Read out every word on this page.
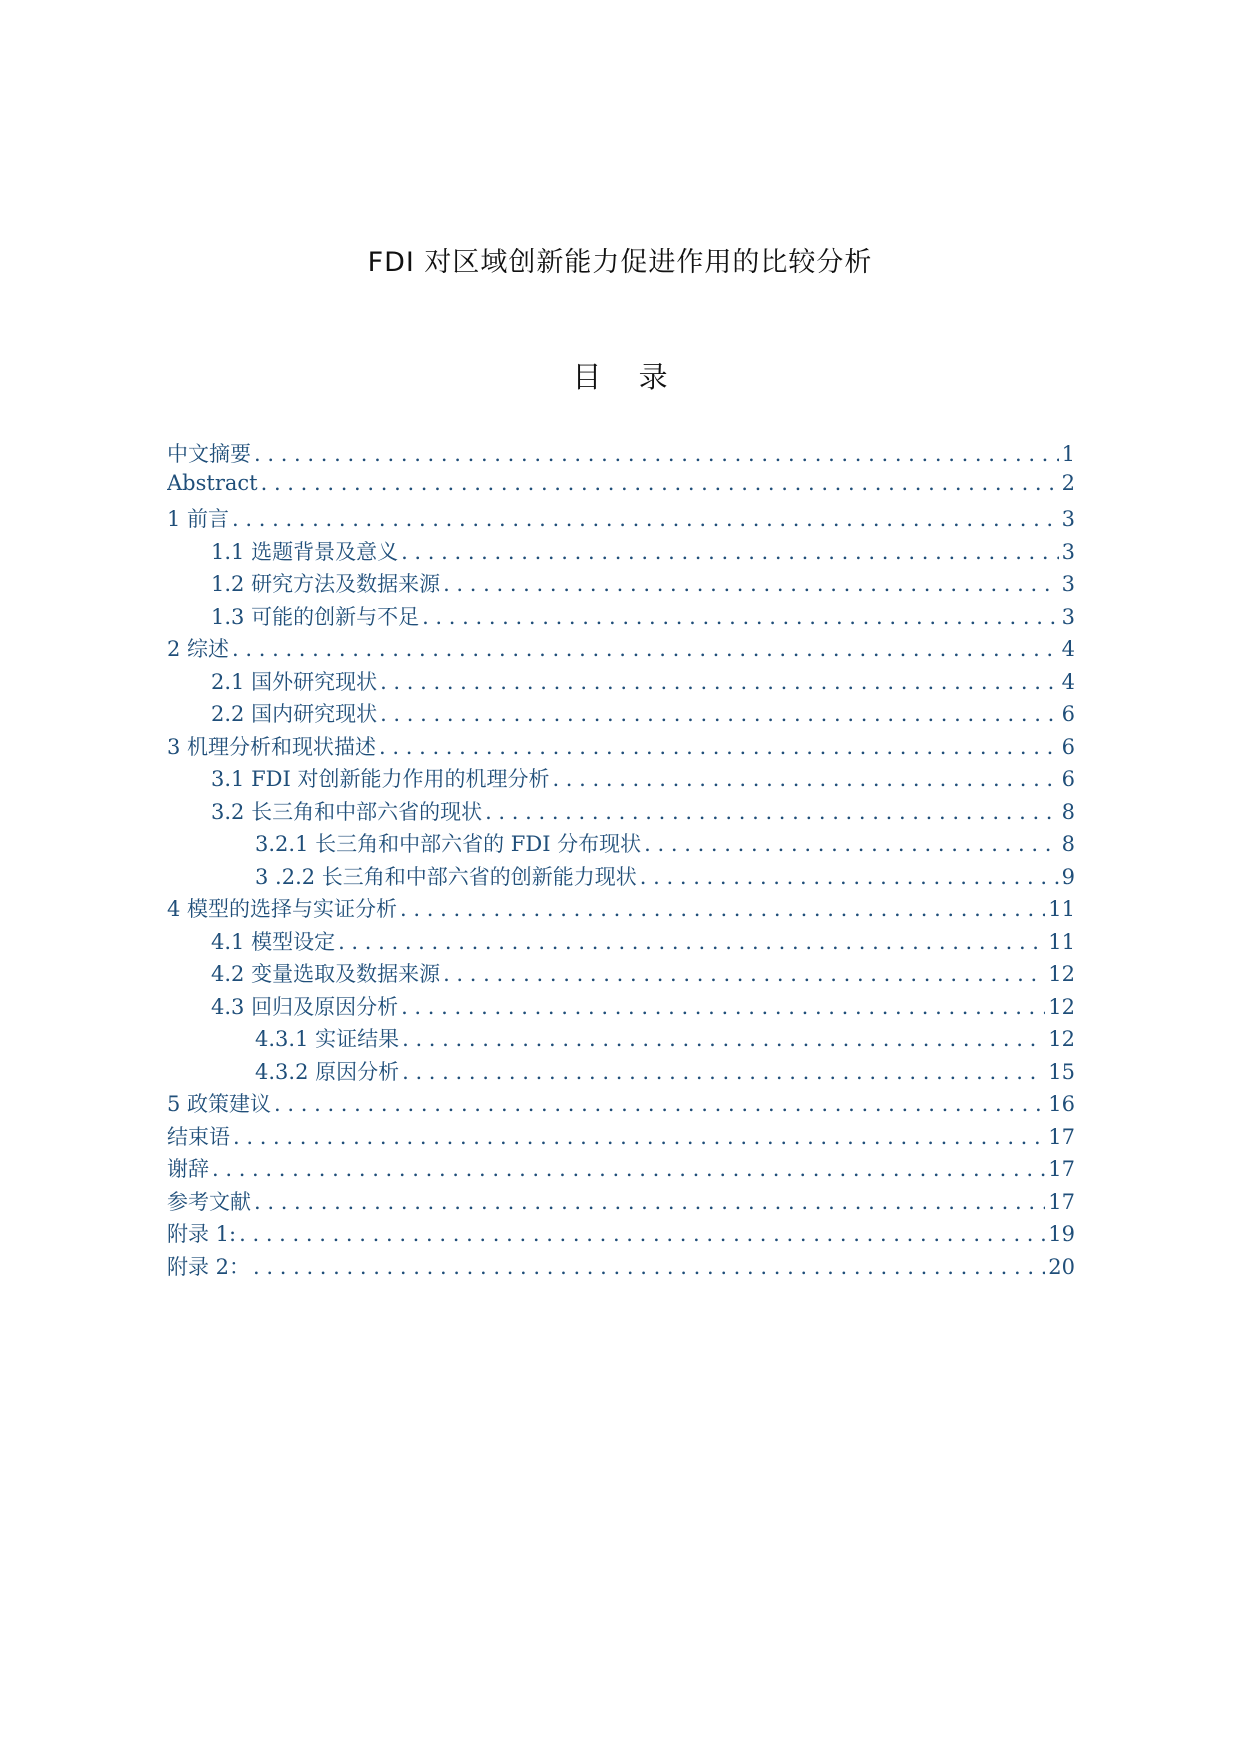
FDI 对区域创新能力促进作用的比较分析
目 录
中文摘要 . . .	1
Abstract . . .	2
1 前言 . . .	3
1.1 选题背景及意义 . . .	3
1.2 研究方法及数据来源 . . .	3
1.3 可能的创新与不足 . . .	3
2 综述 . . .	4
2.1 国外研究现状 . . .	4
2.2 国内研究现状 . . .	6
3 机理分析和现状描述 . . .	6
3.1 FDI 对创新能力作用的机理分析 . . .	6
3.2 长三角和中部六省的现状 . . .	8
3.2.1 长三角和中部六省的 FDI 分布现状 . . .	8
3 .2.2 长三角和中部六省的创新能力现状 . . .	9
4 模型的选择与实证分析 . . .	11
4.1 模型设定 . . .	11
4.2 变量选取及数据来源 . . .	12
4.3 回归及原因分析 . . .	12
4.3.1 实证结果 . . .	12
4.3.2 原因分析 . . .	15
5 政策建议 . . .	16
结束语 . . .	17
谢辞 . . .	17
参考文献 . . .	17
附录 1: . . .	19
附录 2： . . .	20
